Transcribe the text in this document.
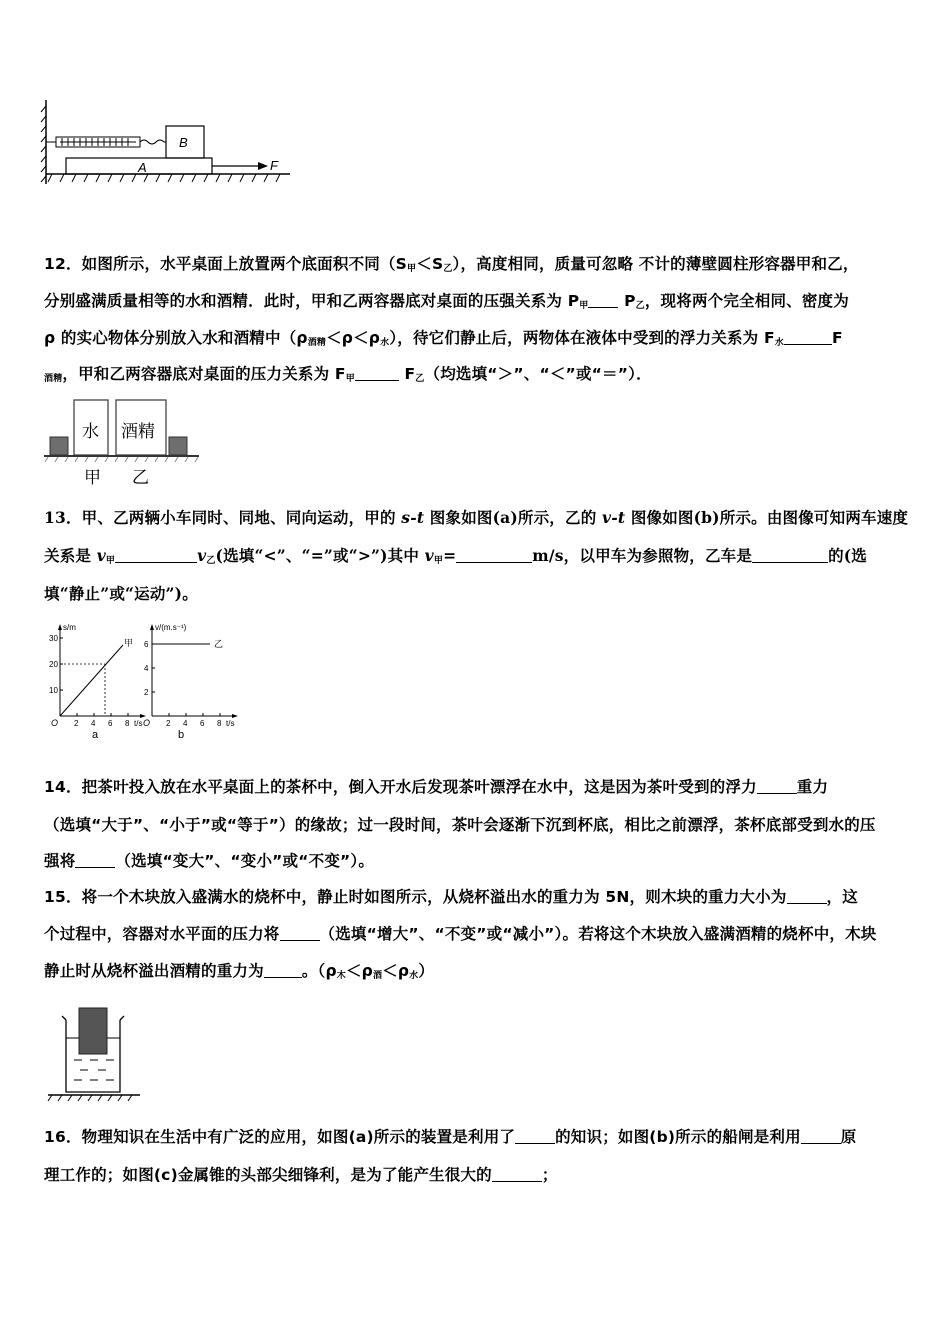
A
B
F
12．如图所示，水平桌面上放置两个底面积不同$(S_甲<S_乙)$，高度相同，质量可忽略 不计的薄壁圆柱形容器甲和乙，
分别盛满质量相等的水和酒精．此时，甲和乙两容器底对桌面的压强关系为 $P_甲$ $P_乙$，现将两个完全相同、密度为
ρ 的实心物体分别放入水和酒精中$(\rho_{酒精}<\rho<\rho_水)$，待它们静止后，两物体在液体中受到的浮力关系为 $F_水$	F
$_{酒精}$，甲和乙两容器底对桌面的压力关系为 $F_甲$	$F_乙$（均选填“＞”、“＜”或“＝”）．
水 酒精
甲 乙
13．甲、乙两辆小车同时、同地、同向运动，甲的 s-t 图象如图(a)所示，乙的 v-t 图像如图(b)所示。由图像可知两车速度
关系是 $v_甲$	$v_乙$(选填“<”、“=”或“>”)其中 $v_甲=$	m/s，以甲车为参照物，乙车是	的(选
填“静止”或“运动”)。
s/m
10
20
30
O 2 4 6 8 t/s
甲
a
v/(m.s⁻¹)
2
4
6
O 2 4 6 8 t/s
乙
b
14．把茶叶投入放在水平桌面上的茶杯中，倒入开水后发现茶叶漂浮在水中，这是因为茶叶受到的浮力	重力
（选填“大于”、“小于”或“等于”）的缘故；过一段时间，茶叶会逐渐下沉到杯底，相比之前漂浮，茶杯底部受到水的压
强将	（选填“变大”、“变小”或“不变”）。
15．将一个木块放入盛满水的烧杯中，静止时如图所示，从烧杯溢出水的重力为 5N，则木块的重力大小为	，这
个过程中，容器对水平面的压力将	（选填“增大”、“不变”或“减小”）。若将这个木块放入盛满酒精的烧杯中，木块
静止时从烧杯溢出酒精的重力为 。$(\rho_木<\rho_酒<\rho_水)$
16．物理知识在生活中有广泛的应用，如图(a)所示的装置是利用了	的知识；如图(b)所示的船闸是利用	原
理工作的；如图(c)金属锥的头部尖细锋利，是为了能产生很大的	；
